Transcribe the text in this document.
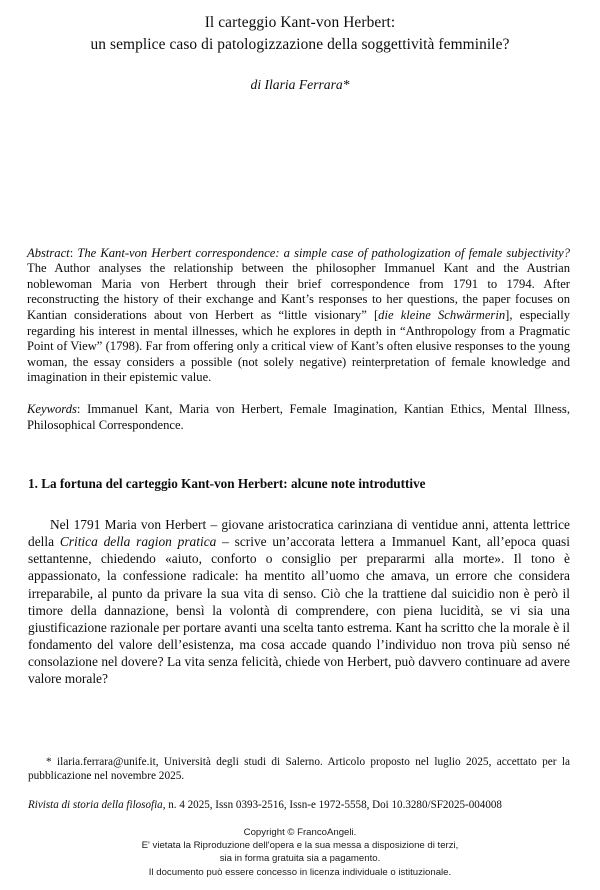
Il carteggio Kant-von Herbert:
un semplice caso di patologizzazione della soggettività femminile?
di Ilaria Ferrara*

Abstract: The Kant-von Herbert correspondence: a simple case of pathologization of female subjectivity? The Author analyses the relationship between the philosopher Immanuel Kant and the Austrian noblewoman Maria von Herbert through their brief correspondence from 1791 to 1794. After reconstructing the history of their exchange and Kant’s responses to her questions, the paper focuses on Kantian considerations about von Herbert as “little visionary” [die kleine Schwärmerin], especially regarding his interest in mental illnesses, which he explores in depth in “Anthropology from a Pragmatic Point of View” (1798). Far from offering only a critical view of Kant’s often elusive responses to the young woman, the essay considers a possible (not solely negative) reinterpretation of female knowledge and imagination in their epistemic value.

Keywords: Immanuel Kant, Maria von Herbert, Female Imagination, Kantian Ethics, Mental Illness, Philosophical Correspondence.

1. La fortuna del carteggio Kant-von Herbert: alcune note introduttive

Nel 1791 Maria von Herbert – giovane aristocratica carinziana di ventidue anni, attenta lettrice della Critica della ragion pratica – scrive un’accorata lettera a Immanuel Kant, all’epoca quasi settantenne, chiedendo «aiuto, conforto o consiglio per prepararmi alla morte». Il tono è appassionato, la confessione radicale: ha mentito all’uomo che amava, un errore che considera irreparabile, al punto da privare la sua vita di senso. Ciò che la trattiene dal suicidio non è però il timore della dannazione, bensì la volontà di comprendere, con piena lucidità, se vi sia una giustificazione razionale per portare avanti una scelta tanto estrema. Kant ha scritto che la morale è il fondamento del valore dell’esistenza, ma cosa accade quando l’individuo non trova più senso né consolazione nel dovere? La vita senza felicità, chiede von Herbert, può davvero continuare ad avere valore morale?

* ilaria.ferrara@unife.it, Università degli studi di Salerno. Articolo proposto nel luglio 2025, accettato per la pubblicazione nel novembre 2025.

Rivista di storia della filosofia, n. 4 2025, Issn 0393-2516, Issn-e 1972-5558, Doi 10.3280/SF2025-004008
Copyright © FrancoAngeli.
E' vietata la Riproduzione dell'opera e la sua messa a disposizione di terzi,
sia in forma gratuita sia a pagamento.
Il documento può essere concesso in licenza individuale o istituzionale.
